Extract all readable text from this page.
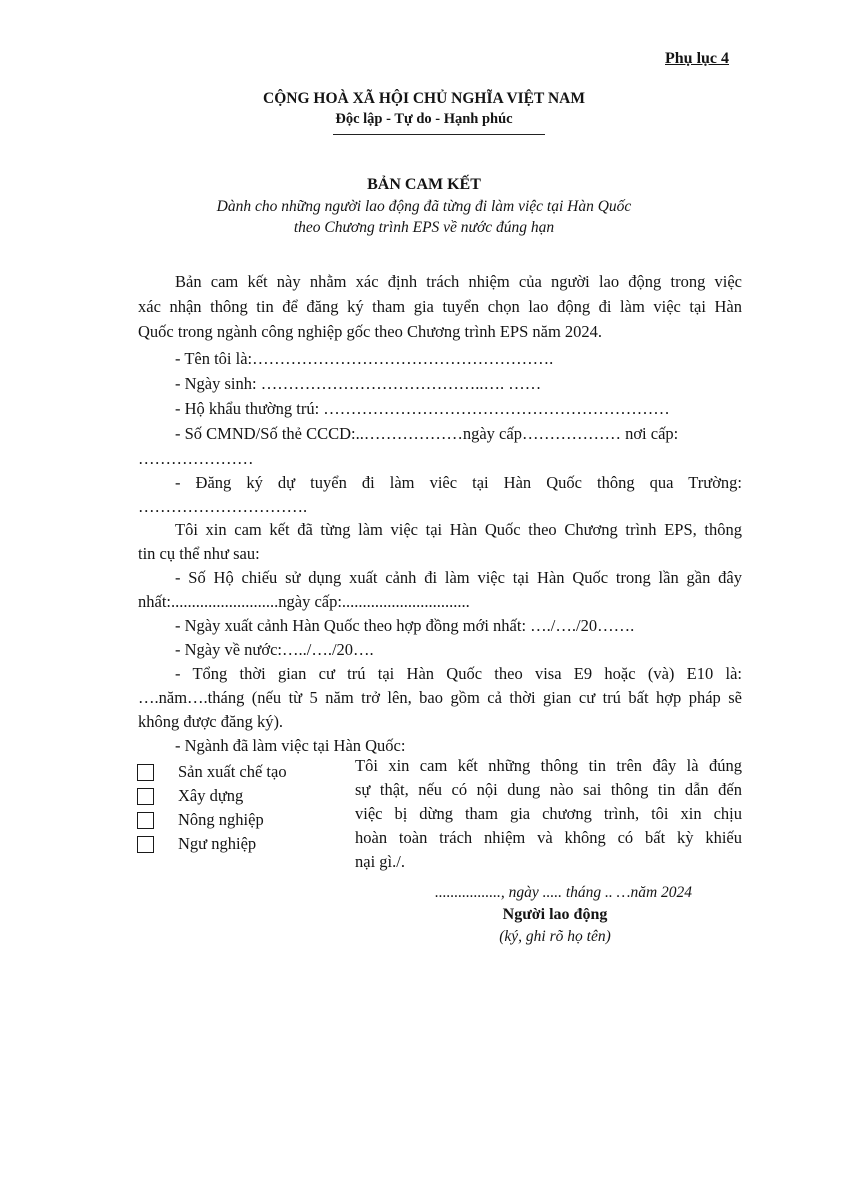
Phụ lục 4
CỘNG HOÀ XÃ HỘI CHỦ NGHĨA VIỆT NAM
Độc lập - Tự do - Hạnh phúc
BẢN CAM KẾT
Dành cho những người lao động đã từng đi làm việc tại Hàn Quốc
theo Chương trình EPS về nước đúng hạn
Bản cam kết này nhằm xác định trách nhiệm của người lao động trong việc
xác nhận thông tin để đăng ký tham gia tuyển chọn lao động đi làm việc tại Hàn
Quốc trong ngành công nghiệp gốc theo Chương trình EPS năm 2024.
- Tên tôi là:……………………………………………….
- Ngày sinh: …………………………………..…. ……
- Hộ khẩu thường trú: ………………………………………………………
- Số CMND/Số thẻ CCCD:..………………ngày cấp……………… nơi cấp:
…………………
- Đăng ký dự tuyển đi làm viêc tại Hàn Quốc thông qua Trường:
………………………….
Tôi xin cam kết đã từng làm việc tại Hàn Quốc theo Chương trình EPS, thông
tin cụ thể như sau:
- Số Hộ chiếu sử dụng xuất cảnh đi làm việc tại Hàn Quốc trong lần gần đây
nhất:..........................ngày cấp:...............................
- Ngày xuất cảnh Hàn Quốc theo hợp đồng mới nhất: …./…./20…….
- Ngày về nước:…../…./20….
- Tổng thời gian cư trú tại Hàn Quốc theo visa E9 hoặc (và) E10 là:
….năm….tháng (nếu từ 5 năm trở lên, bao gồm cả thời gian cư trú bất hợp pháp sẽ
không được đăng ký).
- Ngành đã làm việc tại Hàn Quốc:
Sản xuất chế tạo
Xây dựng
Nông nghiệp
Ngư nghiệp
Tôi xin cam kết những thông tin trên đây là đúng
sự thật, nếu có nội dung nào sai thông tin dẫn đến
việc bị dừng tham gia chương trình, tôi xin chịu
hoàn toàn trách nhiệm và không có bất kỳ khiếu
nại gì./.
................., ngày ..... tháng .. …năm 2024
Người lao động
(ký, ghi rõ họ tên)
